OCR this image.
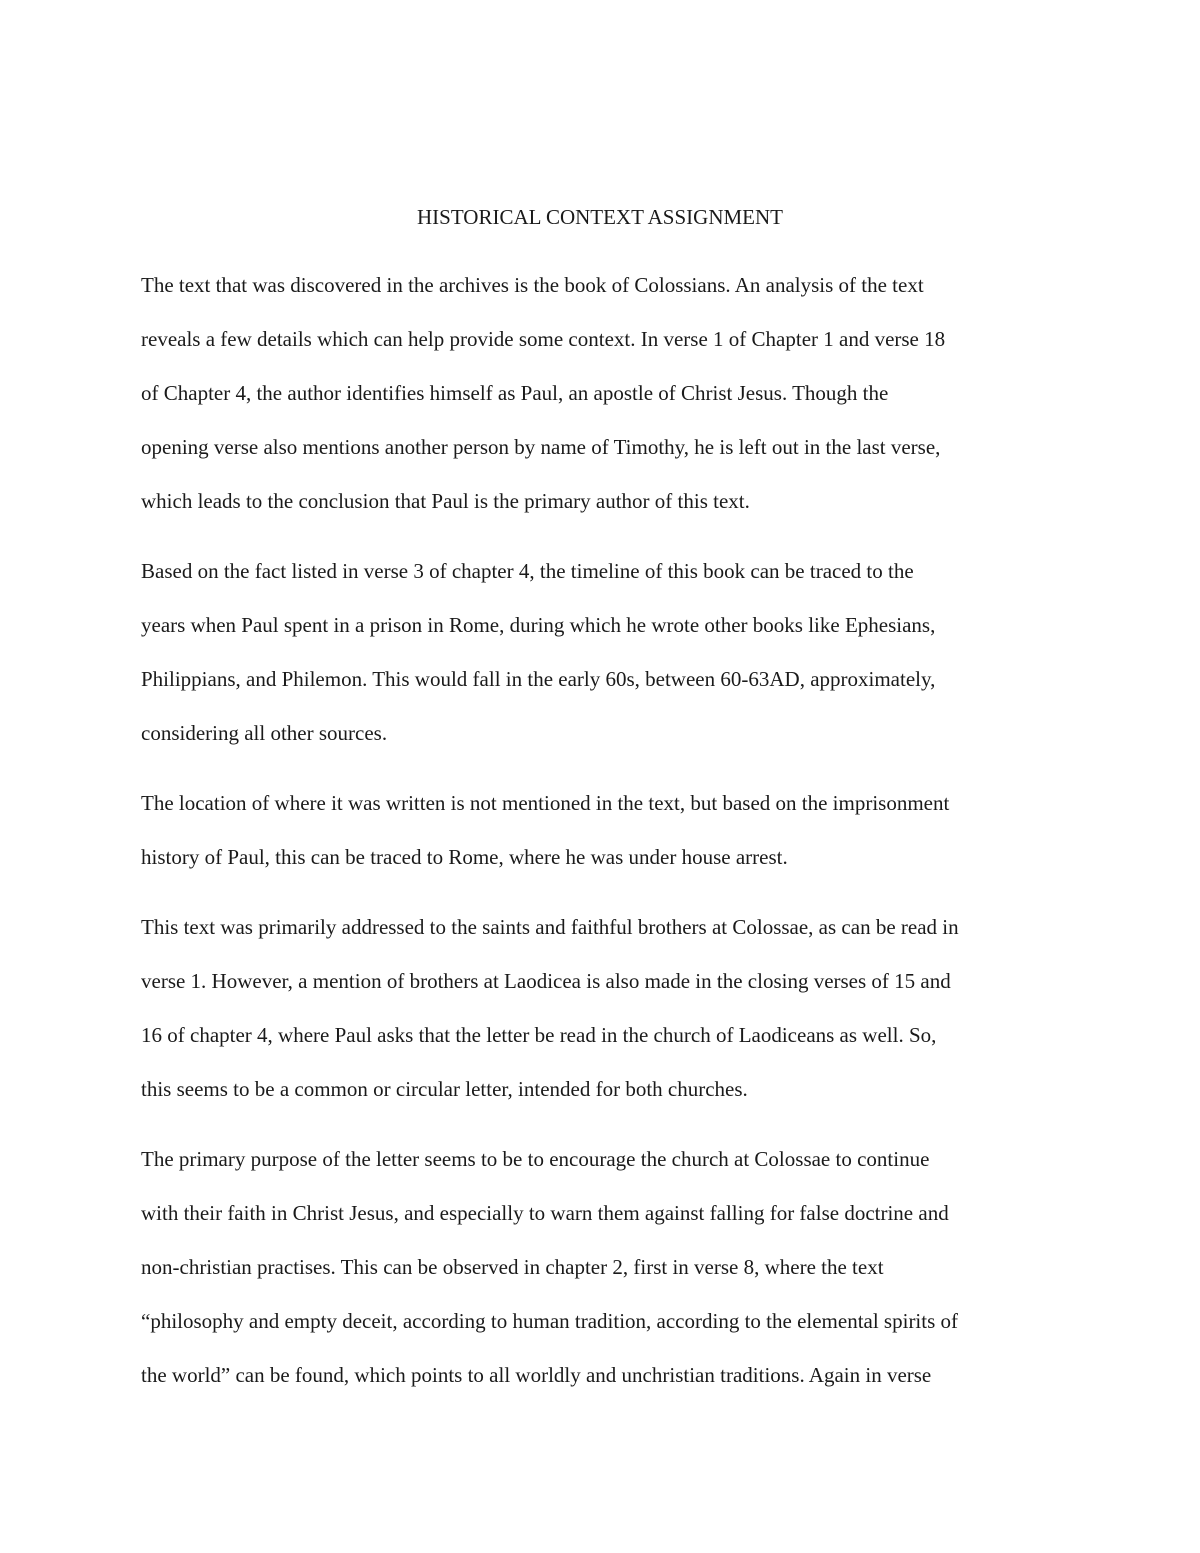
HISTORICAL CONTEXT ASSIGNMENT
The text that was discovered in the archives is the book of Colossians. An analysis of the text
reveals a few details which can help provide some context. In verse 1 of Chapter 1 and verse 18
of Chapter 4, the author identifies himself as Paul, an apostle of Christ Jesus. Though the
opening verse also mentions another person by name of Timothy, he is left out in the last verse,
which leads to the conclusion that Paul is the primary author of this text.
Based on the fact listed in verse 3 of chapter 4, the timeline of this book can be traced to the
years when Paul spent in a prison in Rome, during which he wrote other books like Ephesians,
Philippians, and Philemon. This would fall in the early 60s, between 60-63AD, approximately,
considering all other sources.
The location of where it was written is not mentioned in the text, but based on the imprisonment
history of Paul, this can be traced to Rome, where he was under house arrest.
This text was primarily addressed to the saints and faithful brothers at Colossae, as can be read in
verse 1. However, a mention of brothers at Laodicea is also made in the closing verses of 15 and
16 of chapter 4, where Paul asks that the letter be read in the church of Laodiceans as well. So,
this seems to be a common or circular letter, intended for both churches.
The primary purpose of the letter seems to be to encourage the church at Colossae to continue
with their faith in Christ Jesus, and especially to warn them against falling for false doctrine and
non-christian practises. This can be observed in chapter 2, first in verse 8, where the text
“philosophy and empty deceit, according to human tradition, according to the elemental spirits of
the world” can be found, which points to all worldly and unchristian traditions. Again in verse
